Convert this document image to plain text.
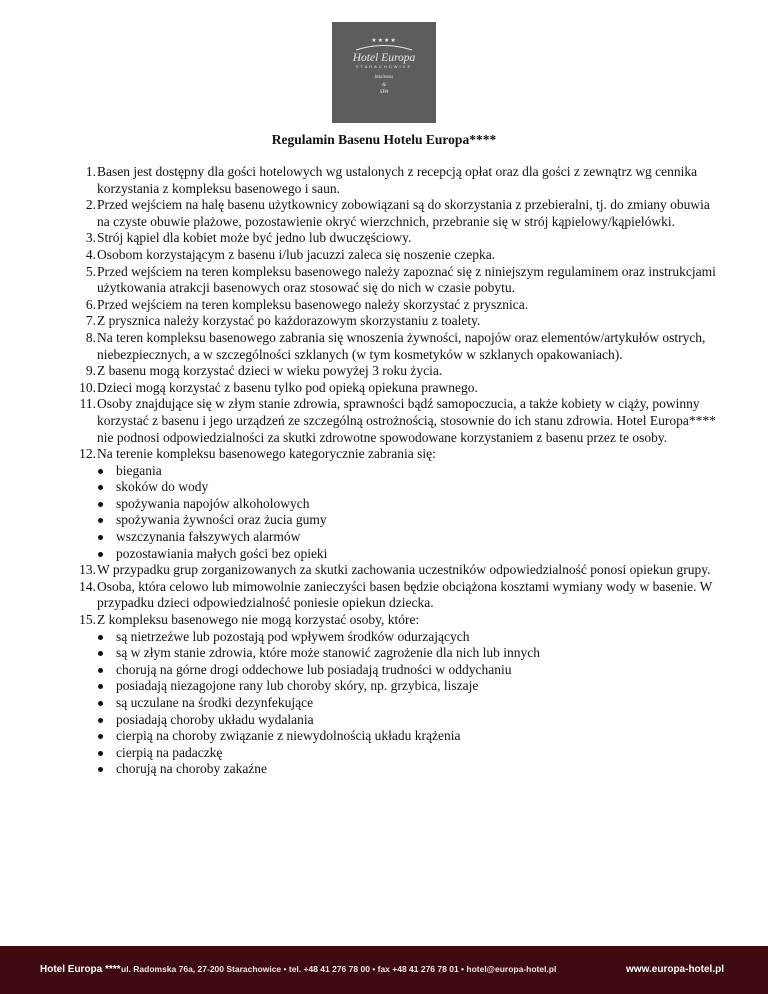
★★★★
Hotel Europa
STARACHOWICE
business
&
SPA
Regulamin Basenu Hotelu Europa****
1. Basen jest dostępny dla gości hotelowych wg ustalonych z recepcją opłat oraz dla gości z zewnątrz wg cennika korzystania z kompleksu basenowego i saun.
2. Przed wejściem na halę basenu użytkownicy zobowiązani są do skorzystania z przebieralni, tj. do zmiany obuwia na czyste obuwie plażowe, pozostawienie okryć wierzchnich, przebranie się w strój kąpielowy/kąpielówki.
3. Strój kąpiel dla kobiet może być jedno lub dwuczęściowy.
4. Osobom korzystającym z basenu i/lub jacuzzi zaleca się noszenie czepka.
5. Przed wejściem na teren kompleksu basenowego należy zapoznać się z niniejszym regulaminem oraz instrukcjami użytkowania atrakcji basenowych oraz stosować się do nich w czasie pobytu.
6. Przed wejściem na teren kompleksu basenowego należy skorzystać z prysznica.
7. Z prysznica należy korzystać po każdorazowym skorzystaniu z toalety.
8. Na teren kompleksu basenowego zabrania się wnoszenia żywności, napojów oraz elementów/artykułów ostrych, niebezpiecznych, a w szczególności szklanych (w tym kosmetyków w szklanych opakowaniach).
9. Z basenu mogą korzystać dzieci w wieku powyżej 3 roku życia.
10. Dzieci mogą korzystać z basenu tylko pod opieką opiekuna prawnego.
11. Osoby znajdujące się w złym stanie zdrowia, sprawności bądź samopoczucia, a także kobiety w ciąży, powinny korzystać z basenu i jego urządzeń ze szczególną ostrożnością, stosownie do ich stanu zdrowia. Hotel Europa**** nie podnosi odpowiedzialności za skutki zdrowotne spowodowane korzystaniem z basenu przez te osoby.
12. Na terenie kompleksu basenowego kategorycznie zabrania się:
biegania
skoków do wody
spożywania napojów alkoholowych
spożywania żywności oraz żucia gumy
wszczynania fałszywych alarmów
pozostawiania małych gości bez opieki
13. W przypadku grup zorganizowanych za skutki zachowania uczestników odpowiedzialność ponosi opiekun grupy.
14. Osoba, która celowo lub mimowolnie zanieczyści basen będzie obciążona kosztami wymiany wody w basenie. W przypadku dzieci odpowiedzialność poniesie opiekun dziecka.
15. Z kompleksu basenowego nie mogą korzystać osoby, które:
są nietrzeźwe lub pozostają pod wpływem środków odurzających
są w złym stanie zdrowia, które może stanowić zagrożenie dla nich lub innych
chorują na górne drogi oddechowe lub posiadają trudności w oddychaniu
posiadają niezagojone rany lub choroby skóry, np. grzybica, liszaje
są uczulane na środki dezynfekujące
posiadają choroby układu wydalania
cierpią na choroby związanie z niewydolnością układu krążenia
cierpią na padaczkę
chorują na choroby zakaźne
Hotel Europa **** ul. Radomska 76a, 27-200 Starachowice • tel. +48 41 276 78 00 • fax +48 41 276 78 01 • hotel@europa-hotel.pl	www.europa-hotel.pl
